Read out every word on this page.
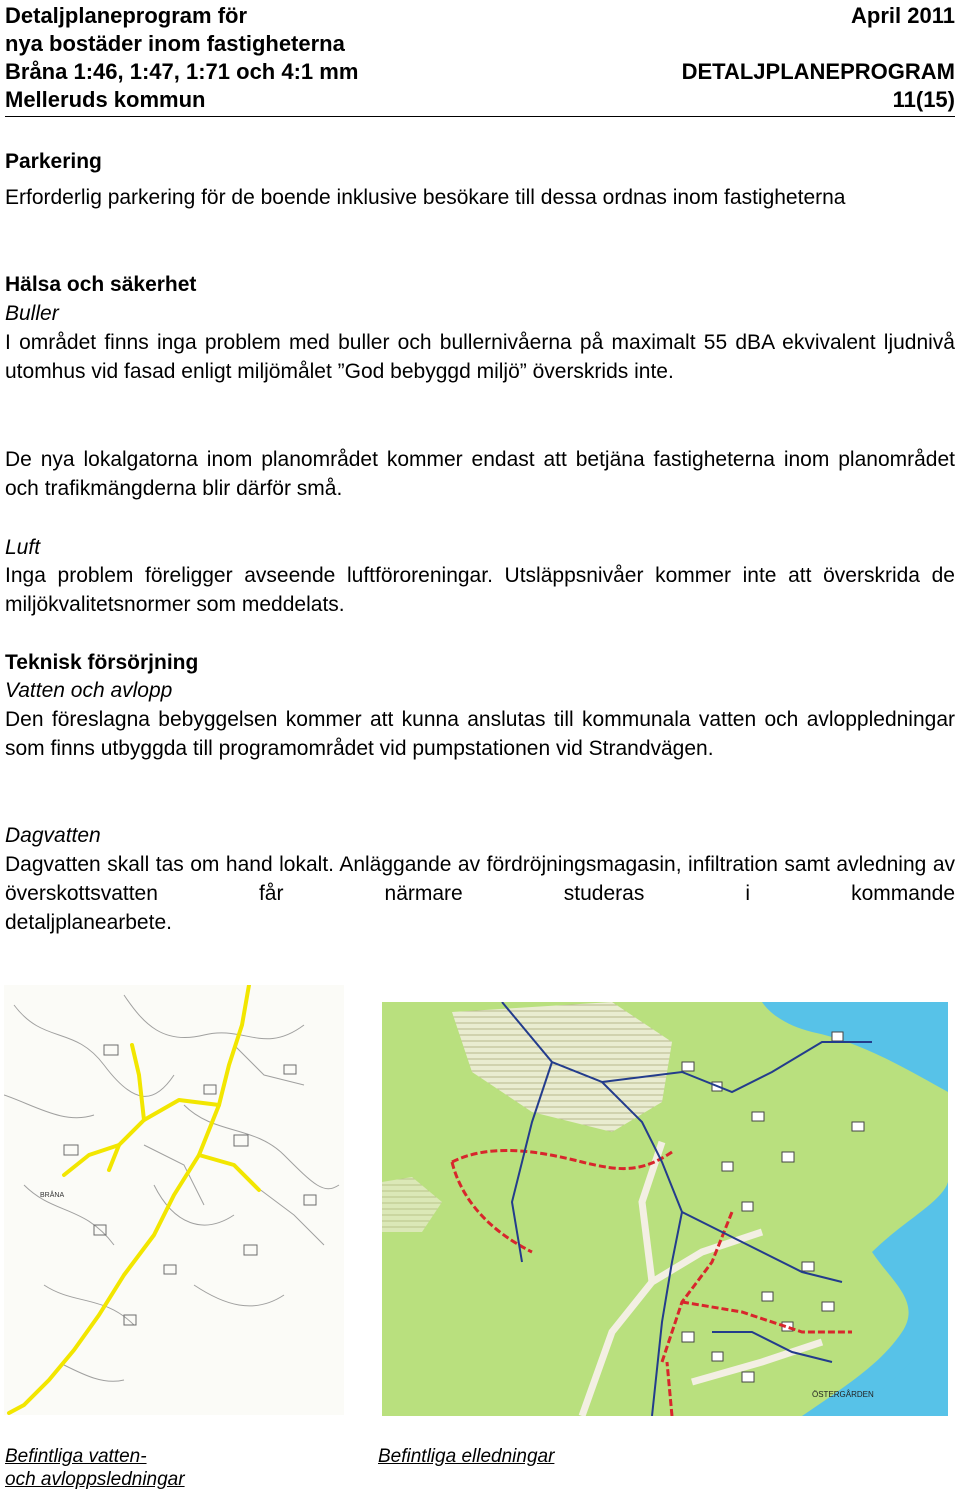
Detaljplaneprogram för	April 2011
nya bostäder inom fastigheterna
Bråna 1:46, 1:47, 1:71 och 4:1 mm	DETALJPLANEPROGRAM
Melleruds kommun	11(15)
Parkering
Erforderlig parkering för de boende inklusive besökare till dessa ordnas inom fastigheterna
Hälsa och säkerhet
Buller
I området finns inga problem med buller och bullernivåerna på maximalt 55 dBA ekvivalent ljudnivå utomhus vid fasad enligt miljömålet ”God bebyggd miljö” överskrids inte.
De nya lokalgatorna inom planområdet kommer endast att betjäna fastigheterna inom planområdet och trafikmängderna blir därför små.
Luft
Inga problem föreligger avseende luftföroreningar. Utsläppsnivåer kommer inte att överskrida de miljökvalitetsnormer som meddelats.
Teknisk försörjning
Vatten och avlopp
Den föreslagna bebyggelsen kommer att kunna anslutas till kommunala vatten och avloppledningar som finns utbyggda till programområdet vid pumpstationen vid Strandvägen.
Dagvatten
Dagvatten skall tas om hand lokalt. Anläggande av fördröjningsmagasin, infiltration samt avledning av överskottsvatten får närmare studeras i kommande
detaljplanearbete.
BRÅNA
ÖSTERGÅRDEN
Befintliga vatten-
och avloppsledningar
Befintliga elledningar
